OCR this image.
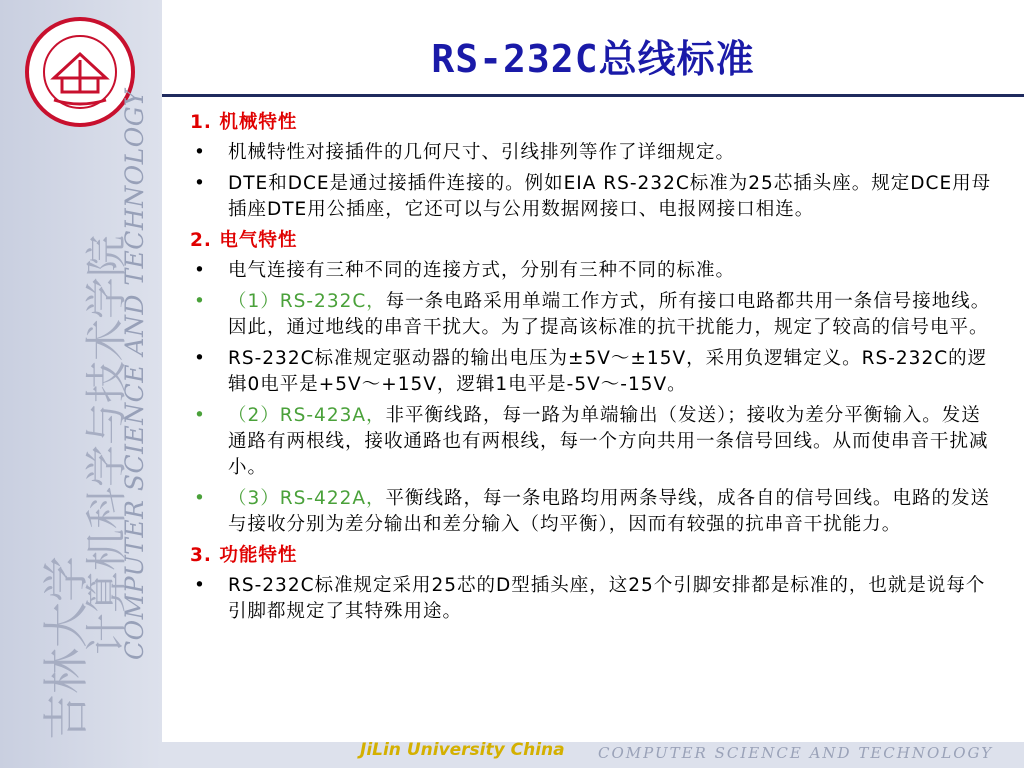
吉林大学
计算机科学与技术学院
COMPUTER SCIENCE AND TECHNOLOGY
RS-232C总线标准
1. 机械特性
• 机械特性对接插件的几何尺寸、引线排列等作了详细规定。
• DTE和DCE是通过接插件连接的。例如EIA RS-232C标准为25芯插头座。规定DCE用母插座DTE用公插座，它还可以与公用数据网接口、电报网接口相连。
2. 电气特性
• 电气连接有三种不同的连接方式，分别有三种不同的标准。
• （1）RS-232C，每一条电路采用单端工作方式，所有接口电路都共用一条信号接地线。因此，通过地线的串音干扰大。为了提高该标准的抗干扰能力，规定了较高的信号电平。
• RS-232C标准规定驱动器的输出电压为±5V～±15V，采用负逻辑定义。RS-232C的逻辑0电平是+5V～+15V，逻辑1电平是-5V～-15V。
• （2）RS-423A，非平衡线路，每一路为单端输出（发送）；接收为差分平衡输入。发送通路有两根线，接收通路也有两根线，每一个方向共用一条信号回线。从而使串音干扰减小。
• （3）RS-422A，平衡线路，每一条电路均用两条导线，成各自的信号回线。电路的发送与接收分别为差分输出和差分输入（均平衡），因而有较强的抗串音干扰能力。
3. 功能特性
• RS-232C标准规定采用25芯的D型插头座，这25个引脚安排都是标准的，也就是说每个引脚都规定了其特殊用途。
JiLin University China COMPUTER SCIENCE AND TECHNOLOGY
